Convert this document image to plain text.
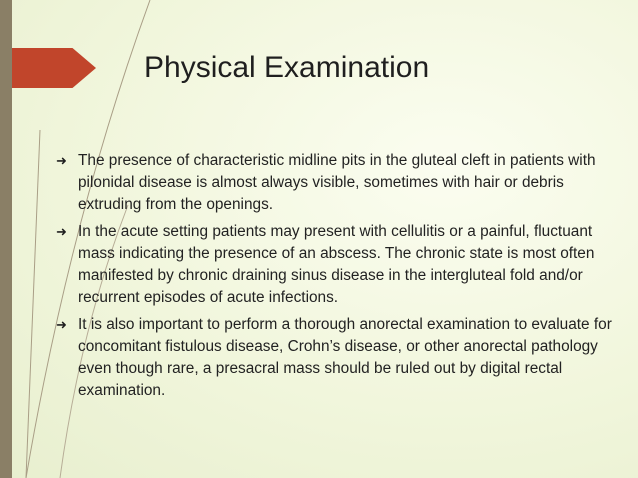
Physical Examination
➜ The presence of characteristic midline pits in the gluteal cleft in patients with pilonidal disease is almost always visible, sometimes with hair or debris extruding from the openings.
➜ In the acute setting patients may present with cellulitis or a painful, fluctuant mass indicating the presence of an abscess. The chronic state is most often manifested by chronic draining sinus disease in the intergluteal fold and/or recurrent episodes of acute infections.
➜ It is also important to perform a thorough anorectal examination to evaluate for concomitant fistulous disease, Crohn’s disease, or other anorectal pathology even though rare, a presacral mass should be ruled out by digital rectal examination.
